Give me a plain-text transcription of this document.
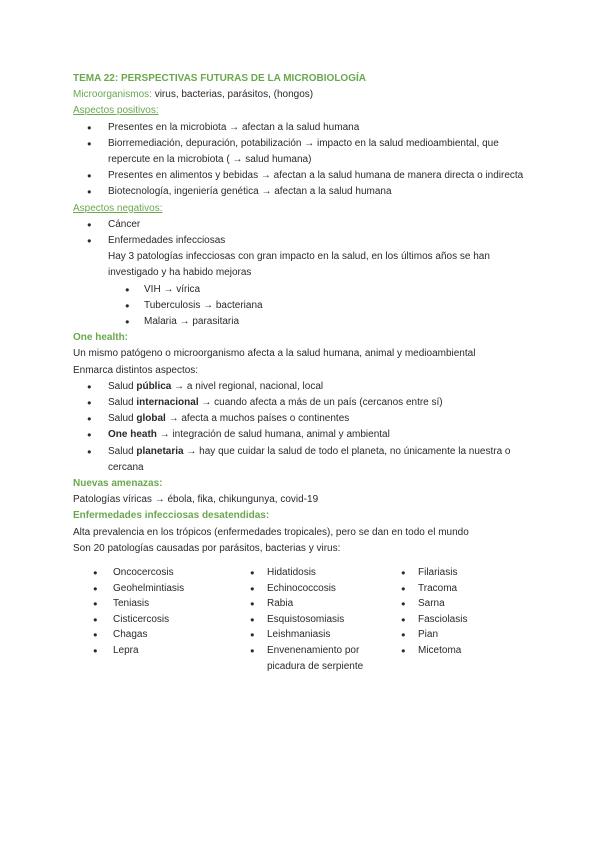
TEMA 22: PERSPECTIVAS FUTURAS DE LA MICROBIOLOGÍA
Microorganismos: virus, bacterias, parásitos, (hongos)
Aspectos positivos:
● Presentes en la microbiota → afectan a la salud humana
● Biorremediación, depuración, potabilización → impacto en la salud medioambiental, que repercute en la microbiota ( → salud humana)
● Presentes en alimentos y bebidas → afectan a la salud humana de manera directa o indirecta
● Biotecnología, ingeniería genética → afectan a la salud humana
Aspectos negativos:
● Cáncer
● Enfermedades infecciosas
Hay 3 patologías infecciosas con gran impacto en la salud, en los últimos años se han investigado y ha habido mejoras
● VIH → vírica
● Tuberculosis → bacteriana
● Malaria → parasitaria
One health:
Un mismo patógeno o microorganismo afecta a la salud humana, animal y medioambiental
Enmarca distintos aspectos:
● Salud pública → a nivel regional, nacional, local
● Salud internacional → cuando afecta a más de un país (cercanos entre sí)
● Salud global → afecta a muchos países o continentes
● One heath → integración de salud humana, animal y ambiental
● Salud planetaria → hay que cuidar la salud de todo el planeta, no únicamente la nuestra o cercana
Nuevas amenazas:
Patologías víricas → ébola, fika, chikungunya, covid-19
Enfermedades infecciosas desatendidas:
Alta prevalencia en los trópicos (enfermedades tropicales), pero se dan en todo el mundo
Son 20 patologías causadas por parásitos, bacterias y virus:
● Oncocercosis
● Geohelmintiasis
● Teniasis
● Cisticercosis
● Chagas
● Lepra
● Hidatidosis
● Echinococcosis
● Rabia
● Esquistosomiasis
● Leishmaniasis
● Envenenamiento por picadura de serpiente
● Filariasis
● Tracoma
● Sarna
● Fasciolasis
● Pian
● Micetoma
